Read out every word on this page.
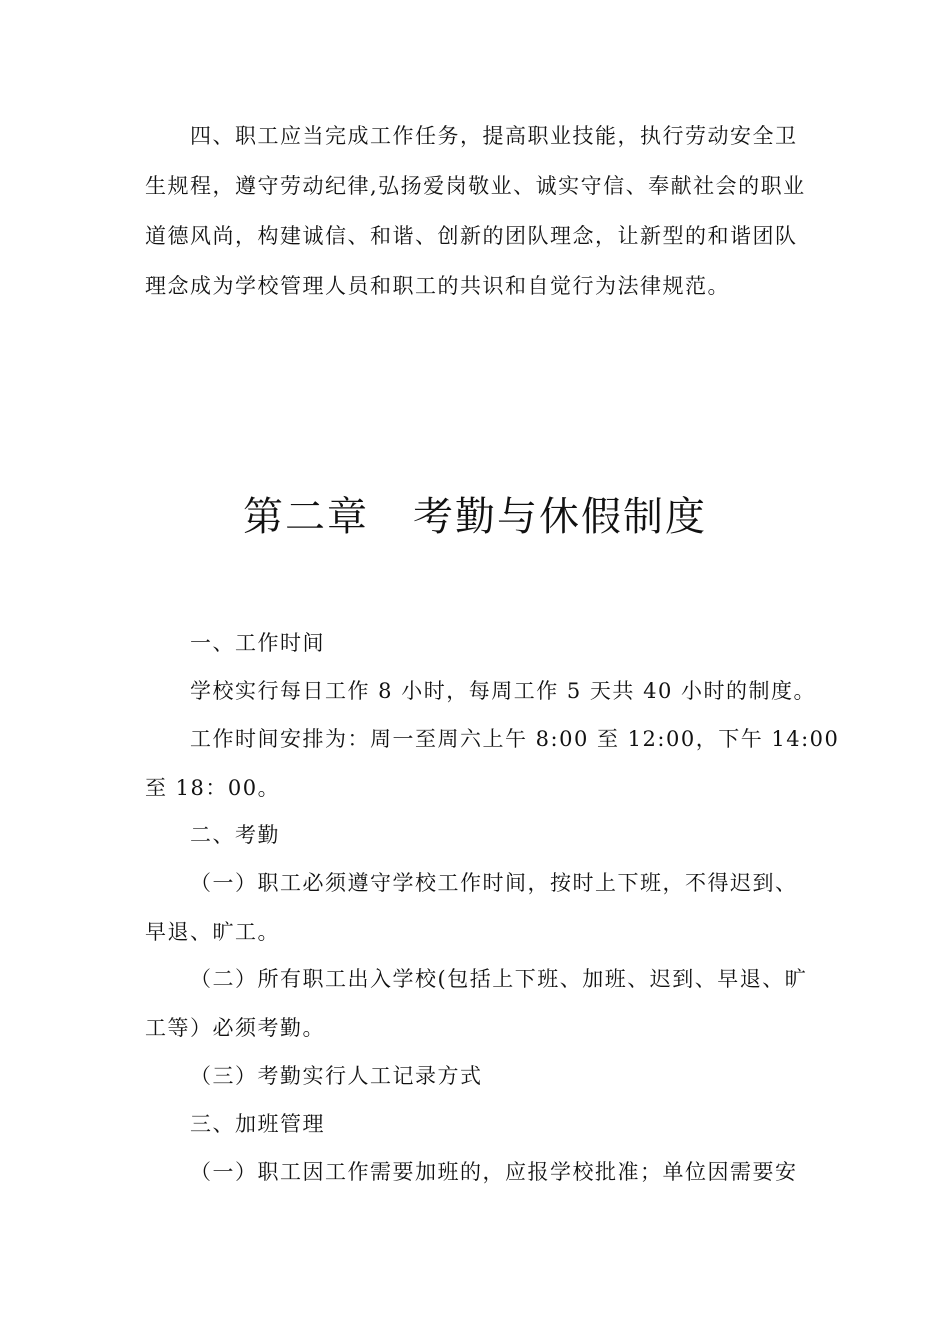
四、职工应当完成工作任务，提高职业技能，执行劳动安全卫
生规程，遵守劳动纪律,弘扬爱岗敬业、诚实守信、奉献社会的职业
道德风尚，构建诚信、和谐、创新的团队理念，让新型的和谐团队
理念成为学校管理人员和职工的共识和自觉行为法律规范。
第二章 考勤与休假制度
一、工作时间
学校实行每日工作 8 小时，每周工作 5 天共 40 小时的制度。
工作时间安排为：周一至周六上午 8:00 至 12:00，下午 14:00
至 18：00。
二、考勤
（一）职工必须遵守学校工作时间，按时上下班，不得迟到、
早退、旷工。
（二）所有职工出入学校(包括上下班、加班、迟到、早退、旷
工等）必须考勤。
（三）考勤实行人工记录方式
三、加班管理
（一）职工因工作需要加班的，应报学校批准；单位因需要安
